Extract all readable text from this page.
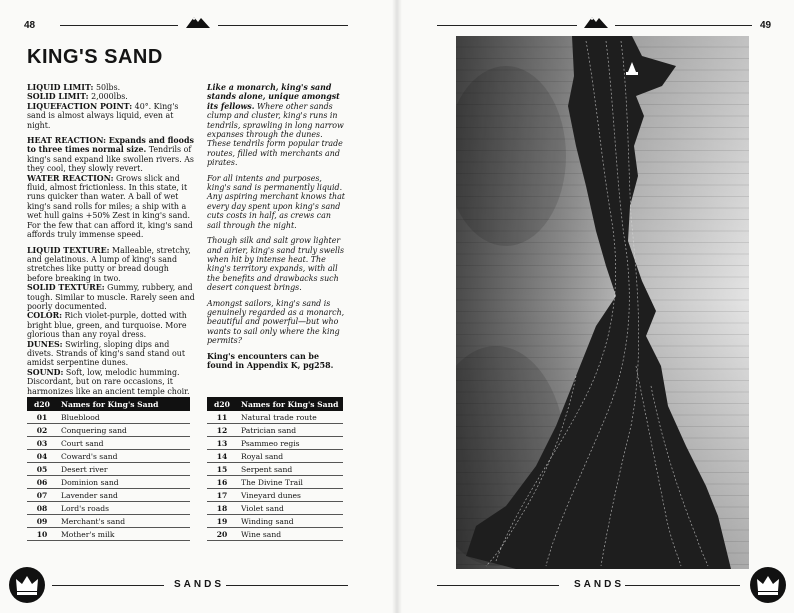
48
KING'S SAND

LIQUID LIMIT: 50lbs.
SOLID LIMIT: 2,000lbs.
LIQUEFACTION POINT: 40°. King's sand is almost always liquid, even at night.

HEAT REACTION: Expands and floods to three times normal size. Tendrils of king's sand expand like swollen rivers. As they cool, they slowly revert.
WATER REACTION: Grows slick and fluid, almost frictionless. In this state, it runs quicker than water. A ball of wet king's sand rolls for miles; a ship with a wet hull gains +50% Zest in king's sand. For the few that can afford it, king's sand affords truly immense speed.

LIQUID TEXTURE: Malleable, stretchy, and gelatinous. A lump of king's sand stretches like putty or bread dough before breaking in two.
SOLID TEXTURE: Gummy, rubbery, and tough. Similar to muscle. Rarely seen and poorly documented.
COLOR: Rich violet-purple, dotted with bright blue, green, and turquoise. More glorious than any royal dress.
DUNES: Swirling, sloping dips and divets. Strands of king's sand stand out amidst serpentine dunes.
SOUND: Soft, low, melodic humming. Discordant, but on rare occasions, it harmonizes like an ancient temple choir.

Like a monarch, king's sand stands alone, unique amongst its fellows. Where other sands clump and cluster, king's runs in tendrils, sprawling in long narrow expanses through the dunes. These tendrils form popular trade routes, filled with merchants and pirates.

For all intents and purposes, king's sand is permanently liquid. Any aspiring merchant knows that every day spent upon king's sand cuts costs in half, as crews can sail through the night.

Though silk and salt grow lighter and airier, king's sand truly swells when hit by intense heat. The king's territory expands, with all the benefits and drawbacks such desert conquest brings.

Amongst sailors, king's sand is genuinely regarded as a monarch, beautiful and powerful—but who wants to sail only where the king permits?

King's encounters can be found in Appendix K, pg258.

d20	Names for King's Sand
01	Blueblood
02	Conquering sand
03	Court sand
04	Coward's sand
05	Desert river
06	Dominion sand
07	Lavender sand
08	Lord's roads
09	Merchant's sand
10	Mother's milk
d20	Names for King's Sand
11	Natural trade route
12	Patrician sand
13	Psammeo regis
14	Royal sand
15	Serpent sand
16	The Divine Trail
17	Vineyard dunes
18	Violet sand
19	Winding sand
20	Wine sand
SANDS
49
SANDS
